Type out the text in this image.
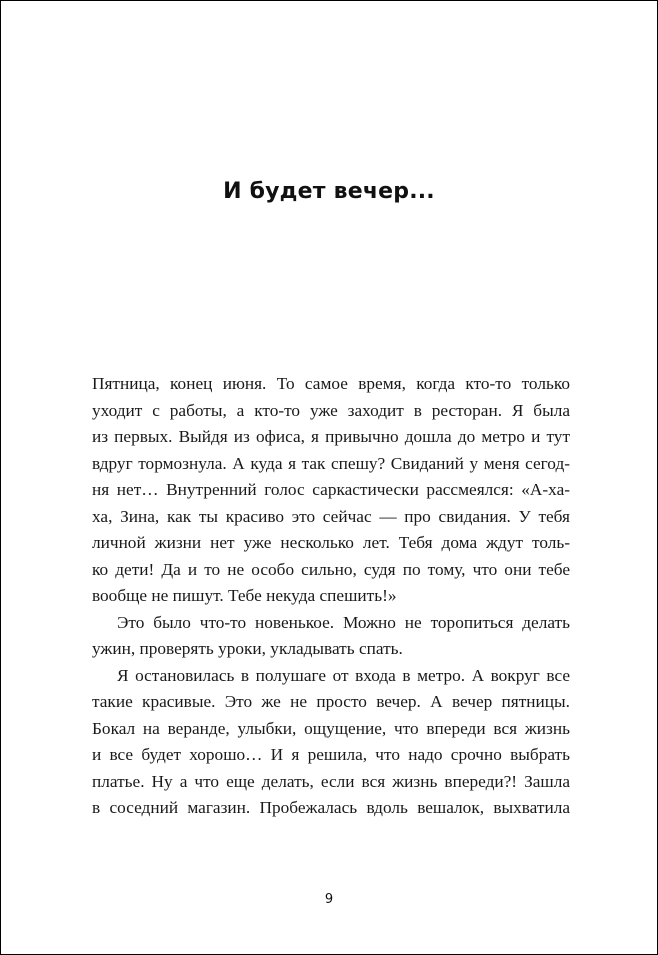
И будет вечер...

Пятница, конец июня. То самое время, когда кто-то только
уходит с работы, а кто-то уже заходит в ресторан. Я была
из первых. Выйдя из офиса, я привычно дошла до метро и тут
вдруг тормознула. А куда я так спешу? Свиданий у меня сегод-
ня нет… Внутренний голос саркастически рассмеялся: «А-ха-
ха, Зина, как ты красиво это сейчас — про свидания. У тебя
личной жизни нет уже несколько лет. Тебя дома ждут толь-
ко дети! Да и то не особо сильно, судя по тому, что они тебе
вообще не пишут. Тебе некуда спешить!»

Это было что-то новенькое. Можно не торопиться делать
ужин, проверять уроки, укладывать спать.

Я остановилась в полушаге от входа в метро. А вокруг все
такие красивые. Это же не просто вечер. А вечер пятницы.
Бокал на веранде, улыбки, ощущение, что впереди вся жизнь
и все будет хорошо… И я решила, что надо срочно выбрать
платье. Ну а что еще делать, если вся жизнь впереди?! Зашла
в соседний магазин. Пробежалась вдоль вешалок, выхватила

9
